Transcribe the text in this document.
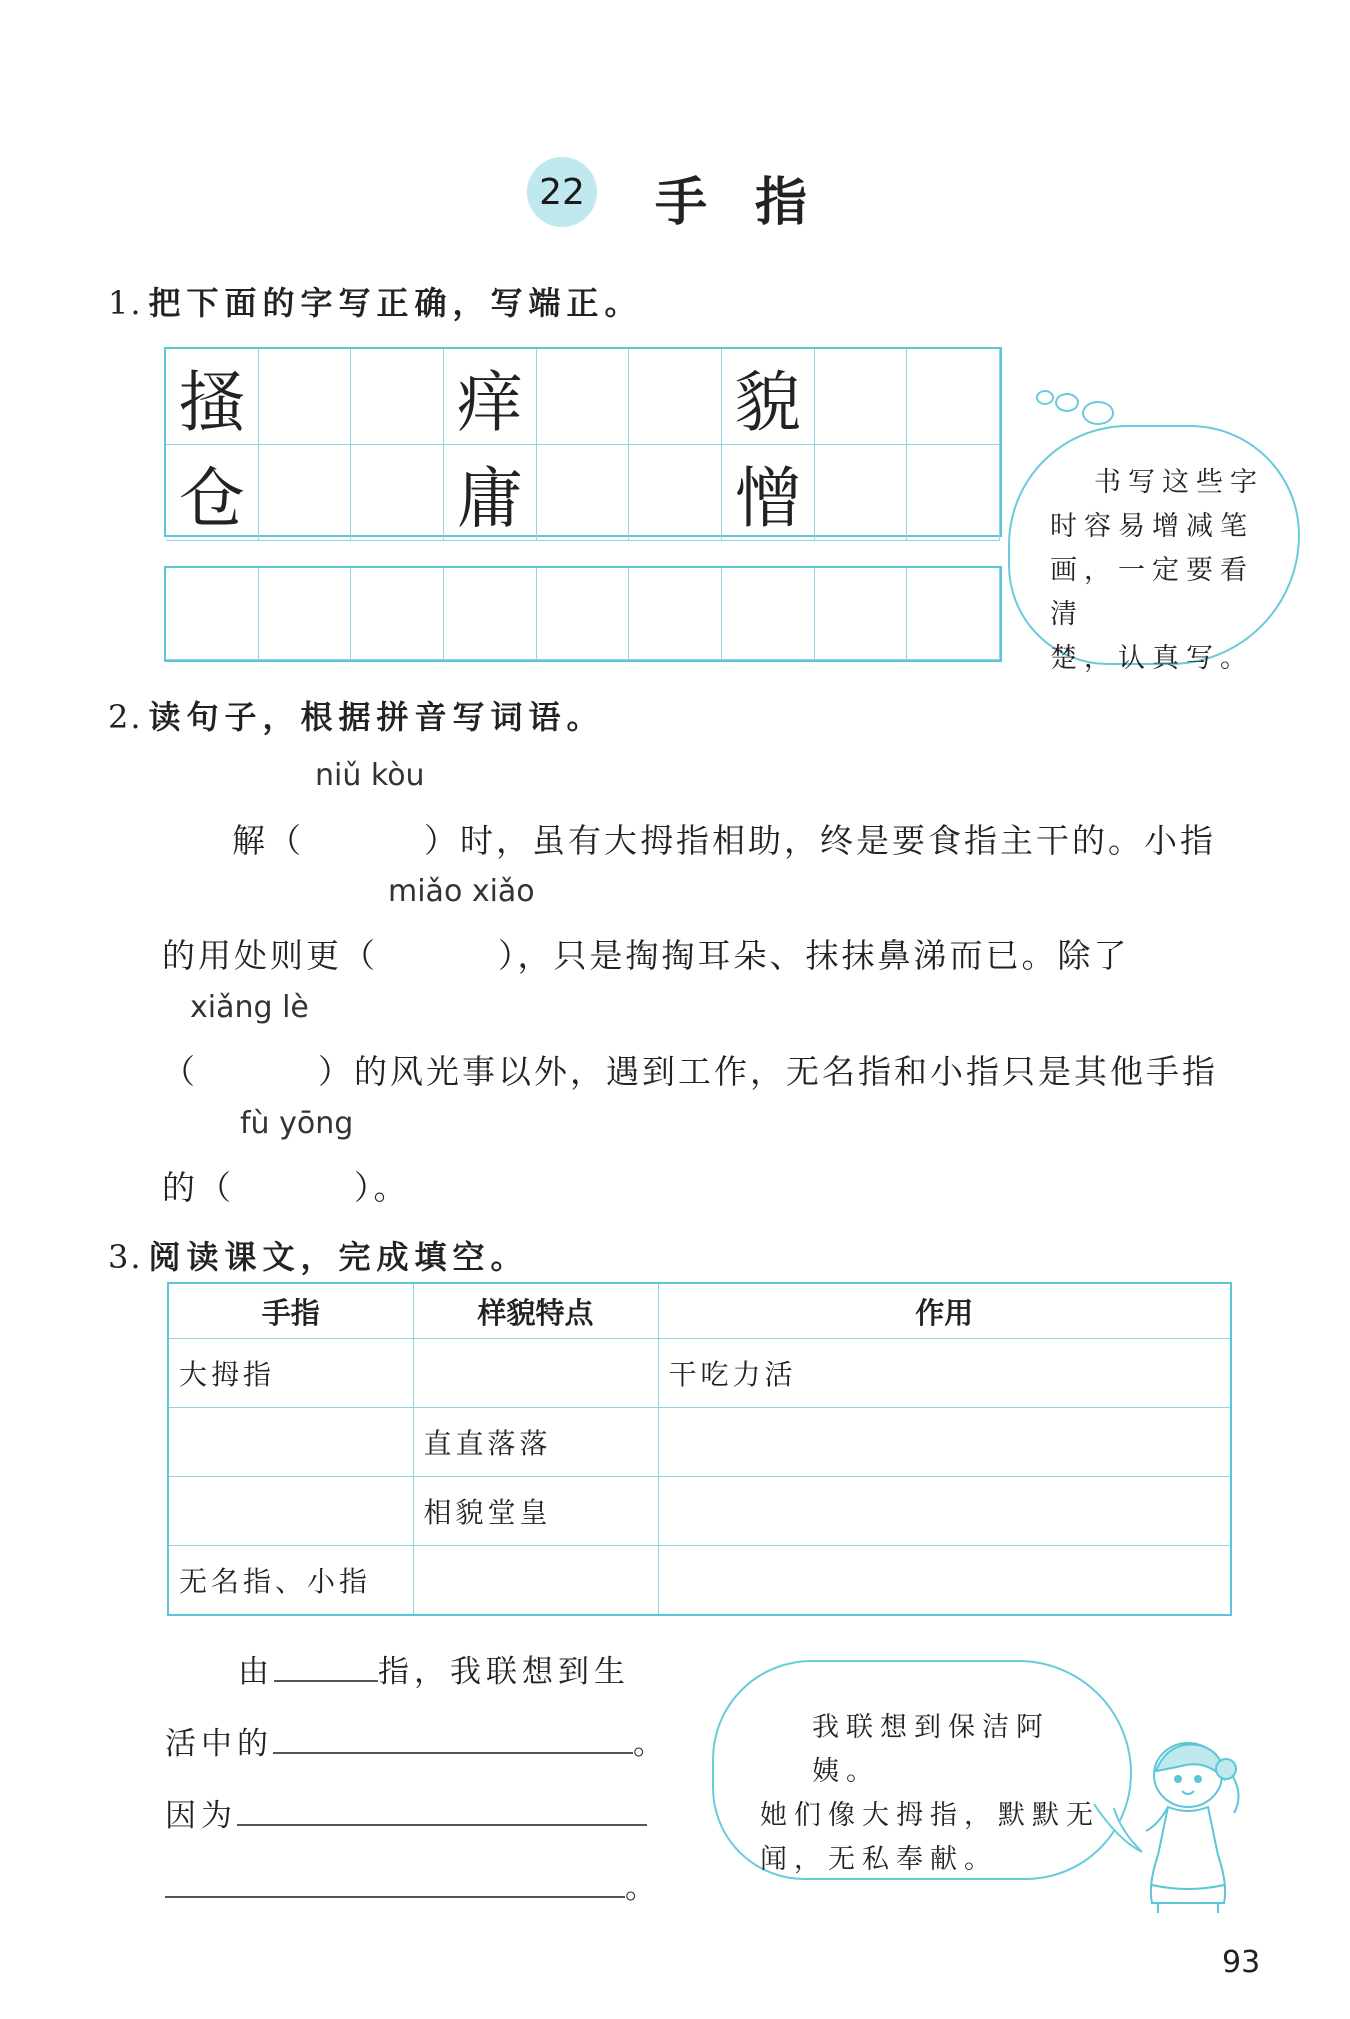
22 手指
1. 把下面的字写正确，写端正。
搔	痒	貌
仓	庸	憎	书写这些字
时容易增减笔
画，一定要看清
楚，认真写。
2. 读句子，根据拼音写词语。
niǔ kòu
解（	）时，虽有大拇指相助，终是要食指主干的。小指
miǎo xiǎo
的用处则更（	），只是掏掏耳朵、抹抹鼻涕而已。除了
xiǎng lè
（	）的风光事以外，遇到工作，无名指和小指只是其他手指
fù yōng
的（	）。
3. 阅读课文，完成填空。
手指	样貌特点	作用
大拇指		干吃力活
	直直落落	
	相貌堂皇	
无名指、小指		
由	指，我联想到生
活中的	。
因为
。
我联想到保洁阿姨。
她们像大拇指，默默无
闻，无私奉献。
93
